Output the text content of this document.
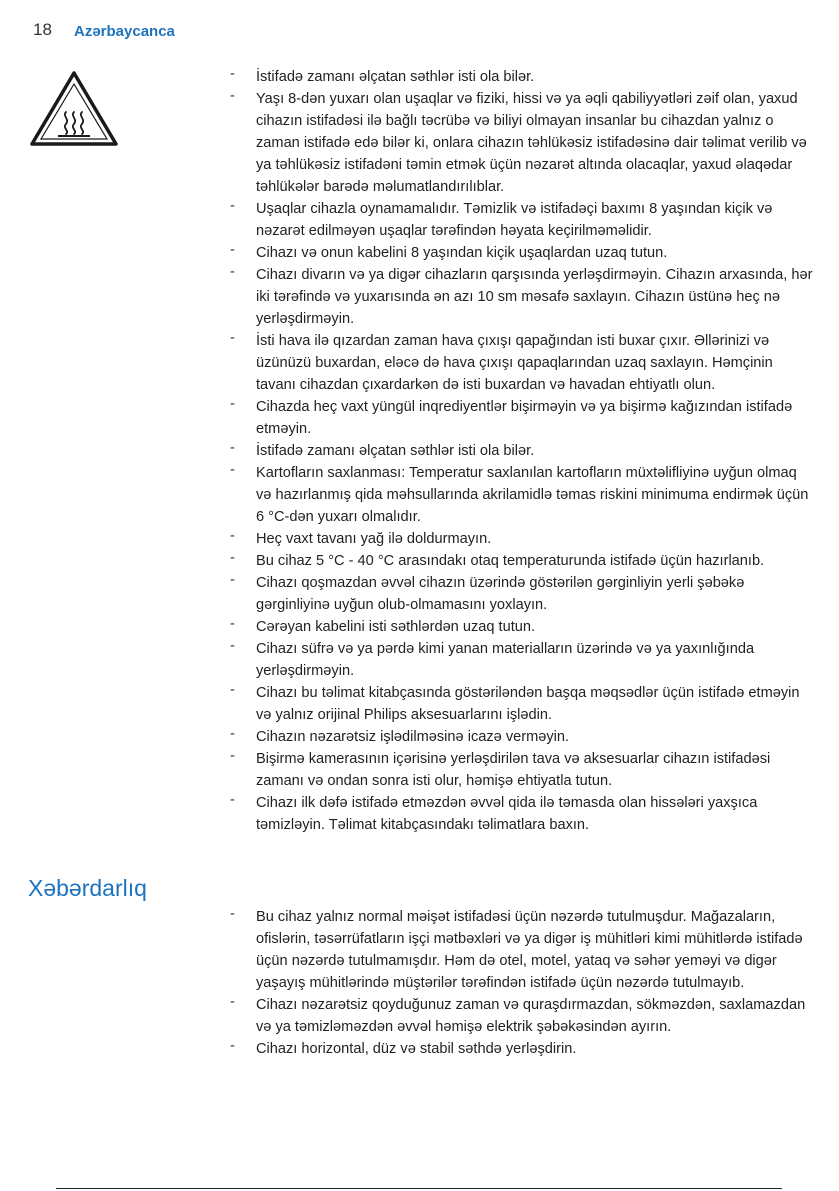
18 Azərbaycanca
- İstifadə zamanı əlçatan səthlər isti ola bilər.
- Yaşı 8-dən yuxarı olan uşaqlar və fiziki, hissi və ya əqli qabiliyyətləri zəif olan, yaxud cihazın istifadəsi ilə bağlı təcrübə və biliyi olmayan insanlar bu cihazdan yalnız o zaman istifadə edə bilər ki, onlara cihazın təhlükəsiz istifadəsinə dair təlimat verilib və ya təhlükəsiz istifadəni təmin etmək üçün nəzarət altında olacaqlar, yaxud əlaqədar təhlükələr barədə məlumatlandırılıblar.
- Uşaqlar cihazla oynamamalıdır. Təmizlik və istifadəçi baxımı 8 yaşından kiçik və nəzarət edilməyən uşaqlar tərəfindən həyata keçirilməməlidir.
- Cihazı və onun kabelini 8 yaşından kiçik uşaqlardan uzaq tutun.
- Cihazı divarın və ya digər cihazların qarşısında yerləşdirməyin. Cihazın arxasında, hər iki tərəfində və yuxarısında ən azı 10 sm məsafə saxlayın. Cihazın üstünə heç nə yerləşdirməyin.
- İsti hava ilə qızardan zaman hava çıxışı qapağından isti buxar çıxır. Əllərinizi və üzünüzü buxardan, eləcə də hava çıxışı qapaqlarından uzaq saxlayın. Həmçinin tavanı cihazdan çıxardarkən də isti buxardan və havadan ehtiyatlı olun.
- Cihazda heç vaxt yüngül inqrediyentlər bişirməyin və ya bişirmə kağızından istifadə etməyin.
- İstifadə zamanı əlçatan səthlər isti ola bilər.
- Kartofların saxlanması: Temperatur saxlanılan kartofların müxtəlifliyinə uyğun olmaq və hazırlanmış qida məhsullarında akrilamidlə təmas riskini minimuma endirmək üçün 6 °C-dən yuxarı olmalıdır.
- Heç vaxt tavanı yağ ilə doldurmayın.
- Bu cihaz 5 °C - 40 °C arasındakı otaq temperaturunda istifadə üçün hazırlanıb.
- Cihazı qoşmazdan əvvəl cihazın üzərində göstərilən gərginliyin yerli şəbəkə gərginliyinə uyğun olub-olmamasını yoxlayın.
- Cərəyan kabelini isti səthlərdən uzaq tutun.
- Cihazı süfrə və ya pərdə kimi yanan materialların üzərində və ya yaxınlığında yerləşdirməyin.
- Cihazı bu təlimat kitabçasında göstəriləndən başqa məqsədlər üçün istifadə etməyin və yalnız orijinal Philips aksesuarlarını işlədin.
- Cihazın nəzarətsiz işlədilməsinə icazə verməyin.
- Bişirmə kamerasının içərisinə yerləşdirilən tava və aksesuarlar cihazın istifadəsi zamanı və ondan sonra isti olur, həmişə ehtiyatla tutun.
- Cihazı ilk dəfə istifadə etməzdən əvvəl qida ilə təmasda olan hissələri yaxşıca təmizləyin. Təlimat kitabçasındakı təlimatlara baxın.
Xəbərdarlıq
- Bu cihaz yalnız normal məişət istifadəsi üçün nəzərdə tutulmuşdur. Mağazaların, ofislərin, təsərrüfatların işçi mətbəxləri və ya digər iş mühitləri kimi mühitlərdə istifadə üçün nəzərdə tutulmamışdır. Həm də otel, motel, yataq və səhər yeməyi və digər yaşayış mühitlərində müştərilər tərəfindən istifadə üçün nəzərdə tutulmayıb.
- Cihazı nəzarətsiz qoyduğunuz zaman və quraşdırmazdan, sökməzdən, saxlamazdan və ya təmizləməzdən əvvəl həmişə elektrik şəbəkəsindən ayırın.
- Cihazı horizontal, düz və stabil səthdə yerləşdirin.
